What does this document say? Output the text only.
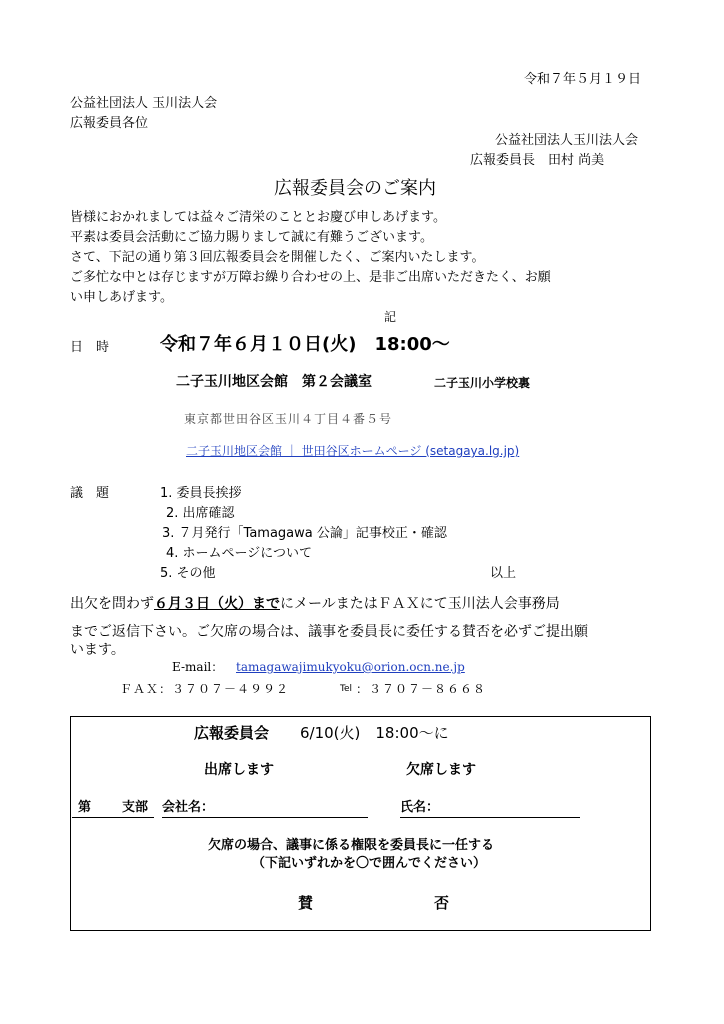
令和７年５月１９日
公益社団法人 玉川法人会
広報委員各位
公益社団法人玉川法人会
広報委員長　田村 尚美
広報委員会のご案内
皆様におかれましては益々ご清栄のこととお慶び申しあげます。
平素は委員会活動にご協力賜りまして誠に有難うございます。
さて、下記の通り第３回広報委員会を開催したく、ご案内いたします。
ご多忙な中とは存じますが万障お繰り合わせの上、是非ご出席いただきたく、お願
い申しあげます。
記
日　時	令和７年６月１０日(火)　18:00～
二子玉川地区会館　第２会議室	二子玉川小学校裏
東京都世田谷区玉川４丁目４番５号
二子玉川地区会館 ｜ 世田谷区ホームページ (setagaya.lg.jp)
議　題	1. 委員長挨拶
2. 出席確認
3. ７月発行「Tamagawa 公論」記事校正・確認
4. ホームページについて
5. その他	以上
出欠を問わず６月３日（火）までにメールまたはＦＡＸにて玉川法人会事務局
までご返信下さい。ご欠席の場合は、議事を委員長に委任する賛否を必ずご提出願
います。
E-mail： tamagawajimukyoku@orion.ocn.ne.jp
ＦＡＸ：３７０７－４９９２	Tel ：３７０７－８６６８
広報委員会 6/10(火)　18:00～に
出席します	欠席します
第 支部 会社名：	氏名：
欠席の場合、議事に係る権限を委員長に一任する
（下記いずれかを〇で囲んでください）
賛	否
